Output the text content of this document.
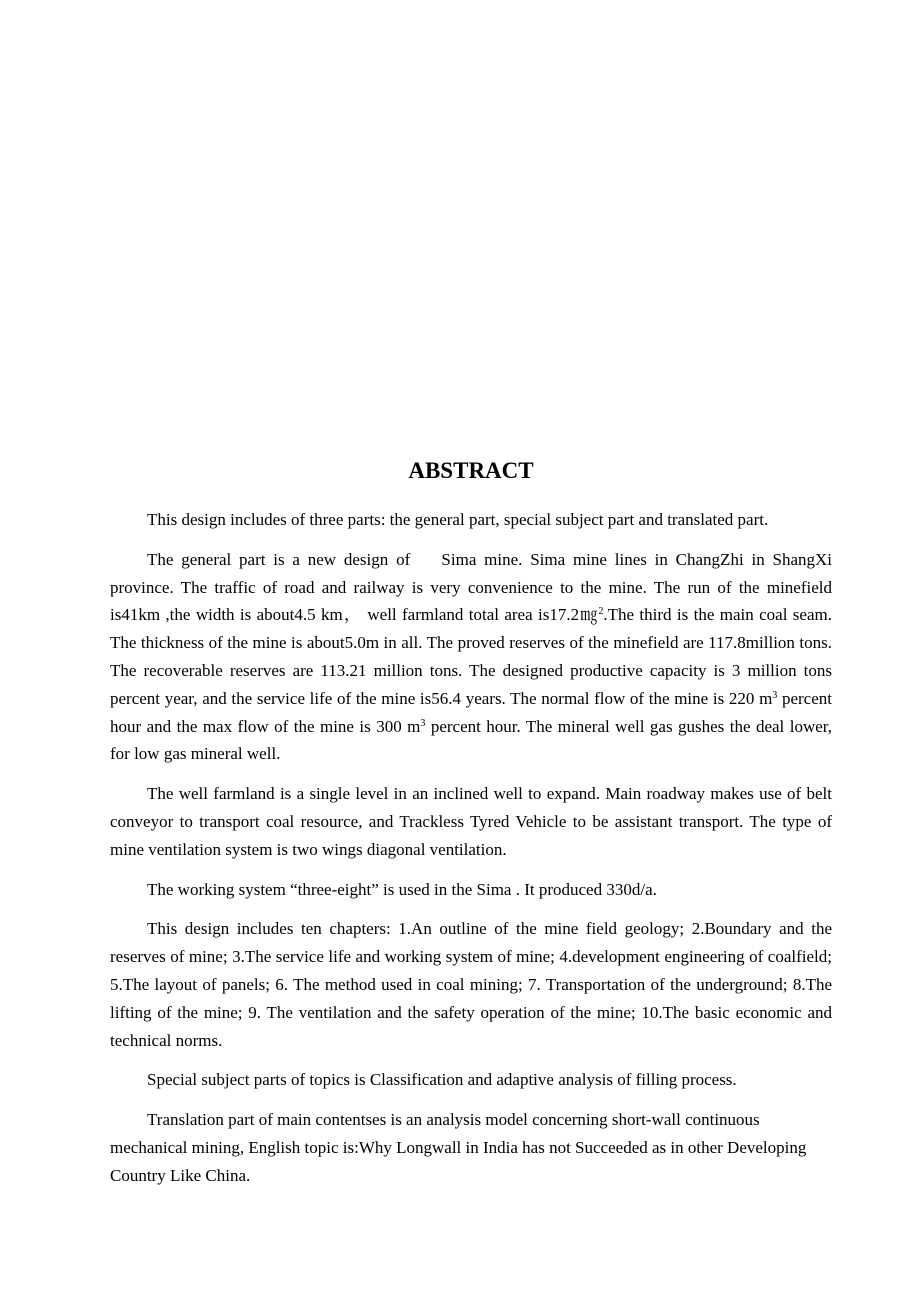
ABSTRACT

This design includes of three parts: the general part, special subject part and translated part.

The general part is a new design of    Sima mine. Sima mine lines in ChangZhi in ShangXi province. The traffic of road and railway is very convenience to the mine. The run of the minefield is41km ,the width is about4.5 km， well farmland total area is17.2㎎$^2$.The third is the main coal seam. The thickness of the mine is about5.0m in all. The proved reserves of the minefield are 117.8million tons. The recoverable reserves are 113.21 million tons. The designed productive capacity is 3 million tons percent year, and the service life of the mine is56.4 years. The normal flow of the mine is 220 $m^3$ percent hour and the max flow of the mine is 300 $m^3$ percent hour. The mineral well gas gushes the deal lower, for low gas mineral well.

The well farmland is a single level in an inclined well to expand. Main roadway makes use of belt conveyor to transport coal resource, and Trackless Tyred Vehicle to be assistant transport. The type of mine ventilation system is two wings diagonal ventilation.

The working system “three-eight” is used in the Sima . It produced 330d/a.

This design includes ten chapters: 1.An outline of the mine field geology; 2.Boundary and the reserves of mine; 3.The service life and working system of mine; 4.development engineering of coalfield; 5.The layout of panels; 6. The method used in coal mining; 7. Transportation of the underground; 8.The lifting of the mine; 9. The ventilation and the safety operation of the mine; 10.The basic economic and technical norms.

Special subject parts of topics is Classification and adaptive analysis of filling process.

Translation part of main contentses is an analysis model concerning short-wall continuous mechanical mining, English topic is:Why Longwall in India has not Succeeded as in other Developing Country Like China.
